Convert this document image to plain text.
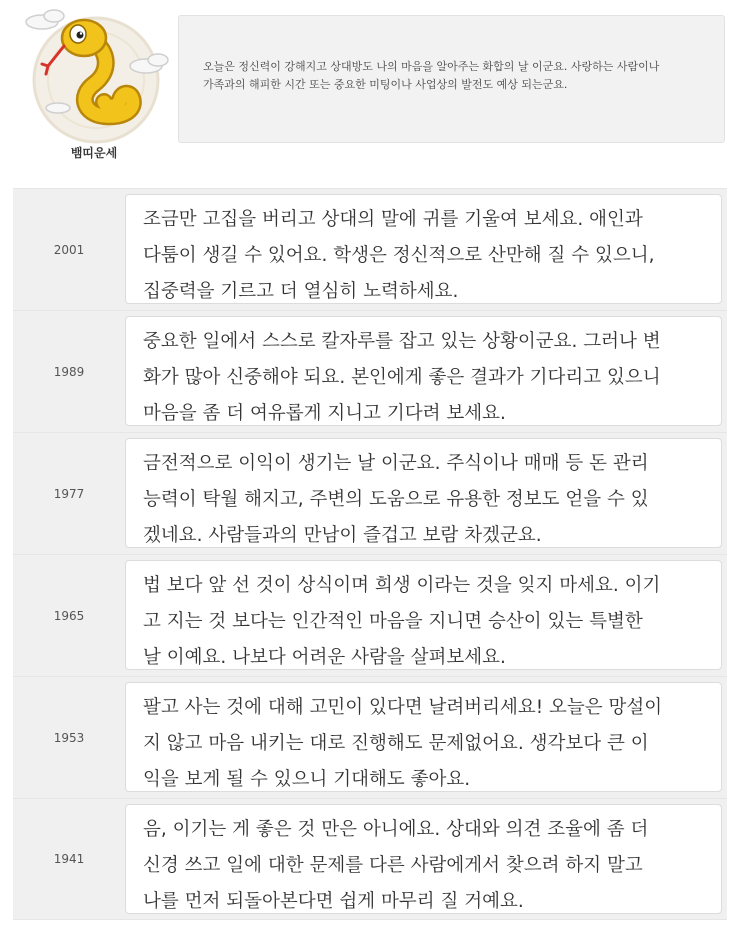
뱀띠운세
오늘은 정신력이 강해지고 상대방도 나의 마음을 알아주는 화합의 날 이군요. 사랑하는 사람이나
가족과의 해피한 시간 또는 중요한 미팅이나 사업상의 발전도 예상 되는군요.
2001
조금만 고집을 버리고 상대의 말에 귀를 기울여 보세요. 애인과
다툼이 생길 수 있어요. 학생은 정신적으로 산만해 질 수 있으니,
집중력을 기르고 더 열심히 노력하세요.
1989
중요한 일에서 스스로 칼자루를 잡고 있는 상황이군요. 그러나 변
화가 많아 신중해야 되요. 본인에게 좋은 결과가 기다리고 있으니
마음을 좀 더 여유롭게 지니고 기다려 보세요.
1977
금전적으로 이익이 생기는 날 이군요. 주식이나 매매 등 돈 관리
능력이 탁월 해지고, 주변의 도움으로 유용한 정보도 얻을 수 있
겠네요. 사람들과의 만남이 즐겁고 보람 차겠군요.
1965
법 보다 앞 선 것이 상식이며 희생 이라는 것을 잊지 마세요. 이기
고 지는 것 보다는 인간적인 마음을 지니면 승산이 있는 특별한
날 이예요. 나보다 어려운 사람을 살펴보세요.
1953
팔고 사는 것에 대해 고민이 있다면 날려버리세요! 오늘은 망설이
지 않고 마음 내키는 대로 진행해도 문제없어요. 생각보다 큰 이
익을 보게 될 수 있으니 기대해도 좋아요.
1941
음, 이기는 게 좋은 것 만은 아니에요. 상대와 의견 조율에 좀 더
신경 쓰고 일에 대한 문제를 다른 사람에게서 찾으려 하지 말고
나를 먼저 되돌아본다면 쉽게 마무리 질 거예요.
